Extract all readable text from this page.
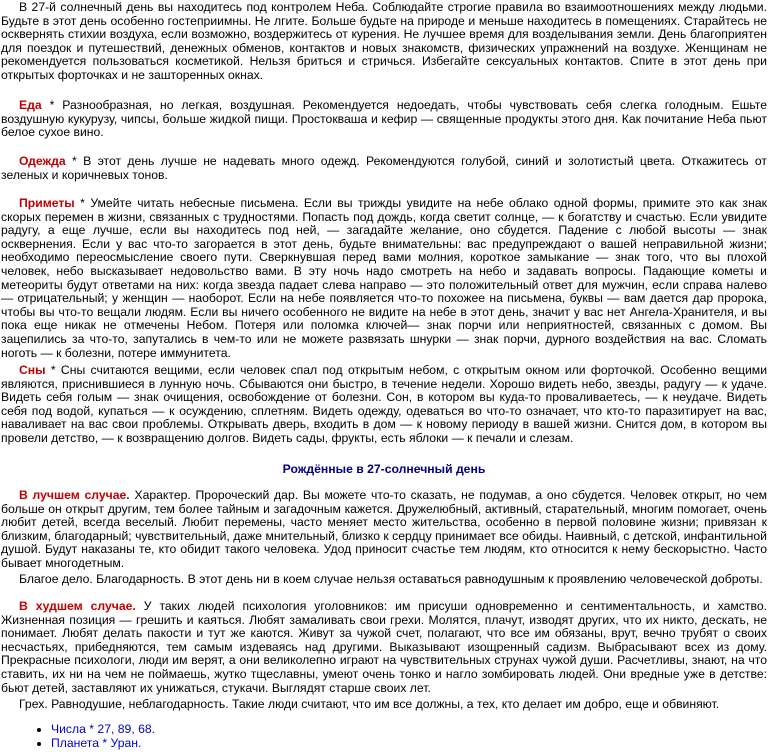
В 27-й солнечный день вы находитесь под контролем Неба. Соблюдайте строгие правила во взаимоотношениях между людьми. Будьте в этот день особенно гостеприимны. Не лгите. Больше будьте на природе и меньше находитесь в помещениях. Старайтесь не осквернять стихии воздуха, если возможно, воздержитесь от курения. Не лучшее время для возделывания земли. День благоприятен для поездок и путешествий, денежных обменов, контактов и новых знакомств, физических упражнений на воздухе. Женщинам не рекомендуется пользоваться косметикой. Нельзя бриться и стричься. Избегайте сексуальных контактов. Спите в этот день при открытых форточках и не зашторенных окнах.

Еда * Разнообразная, но легкая, воздушная. Рекомендуется недоедать, чтобы чувствовать себя слегка голодным. Ешьте воздушную кукурузу, чипсы, больше жидкой пищи. Простокваша и кефир — священные продукты этого дня. Как почитание Неба пьют белое сухое вино.

Одежда * В этот день лучше не надевать много одежд. Рекомендуются голубой, синий и золотистый цвета. Откажитесь от зеленых и коричневых тонов.

Приметы * Умейте читать небесные письмена. Если вы трижды увидите на небе облако одной формы, примите это как знак скорых перемен в жизни, связанных с трудностями. Попасть под дождь, когда светит солнце, — к богатству и счастью. Если увидите радугу, а еще лучше, если вы находитесь под ней, — загадайте желание, оно сбудется. Падение с любой высоты — знак осквернения. Если у вас что-то загорается в этот день, будьте внимательны: вас предупреждают о вашей неправильной жизни; необходимо переосмысление своего пути. Сверкнувшая перед вами молния, короткое замыкание — знак того, что вы плохой человек, небо высказывает недовольство вами. В эту ночь надо смотреть на небо и задавать вопросы. Падающие кометы и метеориты будут ответами на них: когда звезда падает слева направо — это положительный ответ для мужчин, если справа налево — отрицательный; у женщин — наоборот. Если на небе появляется что-то похожее на письмена, буквы — вам дается дар пророка, чтобы вы что-то вещали людям. Если вы ничего особенного не видите на небе в этот день, значит у вас нет Ангела-Хранителя, и вы пока еще никак не отмечены Небом. Потеря или поломка ключей— знак порчи или неприятностей, связанных с домом. Вы зацепились за что-то, запутались в чем-то или не можете развязать шнурки — знак порчи, дурного воздействия на вас. Сломать ноготь — к болезни, потере иммунитета.

Сны * Сны считаются вещими, если человек спал под открытым небом, с открытым окном или форточкой. Особенно вещими являются, приснившиеся в лунную ночь. Сбываются они быстро, в течение недели. Хорошо видеть небо, звезды, радугу — к удаче. Видеть себя голым — знак очищения, освобождение от болезни. Сон, в котором вы куда-то проваливаетесь, — к неудаче. Видеть себя под водой, купаться — к осуждению, сплетням. Видеть одежду, одеваться во что-то означает, что кто-то паразитирует на вас, наваливает на вас свои проблемы. Открывать дверь, входить в дом — к новому периоду в вашей жизни. Снится дом, в котором вы провели детство, — к возвращению долгов. Видеть сады, фрукты, есть яблоки — к печали и слезам.

Рождённые в 27-солнечный день

В лучшем случае. Характер. Пророческий дар. Вы можете что-то сказать, не подумав, а оно сбудется. Человек открыт, но чем больше он открыт другим, тем более тайным и загадочным кажется. Дружелюбный, активный, старательный, многим помогает, очень любит детей, всегда веселый. Любит перемены, часто меняет место жительства, особенно в первой половине жизни; привязан к близким, благодарный; чувствительный, даже мнительный, близко к сердцу принимает все обиды. Наивный, с детской, инфантильной душой. Будут наказаны те, кто обидит такого человека. Удод приносит счастье тем людям, кто относится к нему бескорыстно. Часто бывает многодетным.

Благое дело. Благодарность. В этот день ни в коем случае нельзя оставаться равнодушным к проявлению человеческой доброты.

В худшем случае. У таких людей психология уголовников: им присуши одновременно и сентиментальность, и хамство. Жизненная позиция — грешить и каяться. Любят замаливать свои грехи. Молятся, плачут, изводят других, что их никто, дескать, не понимает. Любят делать пакости и тут же каются. Живут за чужой счет, полагают, что все им обязаны, врут, вечно трубят о своих несчастьях, прибедняются, тем самым издеваясь над другими. Выказывают изощренный садизм. Выбрасывают всех из дому. Прекрасные психологи, люди им верят, а они великолепно играют на чувствительных струнах чужой души. Расчетливы, знают, на что ставить, их ни на чем не поймаешь, жутко тщеславны, умеют очень тонко и нагло зомбировать людей. Они вредные уже в детстве: бьют детей, заставляют их унижаться, стукачи. Выглядят старше своих лет.

Грех. Равнодушие, неблагодарность. Такие люди считают, что им все должны, а тех, кто делает им добро, еще и обвиняют.

• Числа * 27, 89, 68.
• Планета * Уран.
